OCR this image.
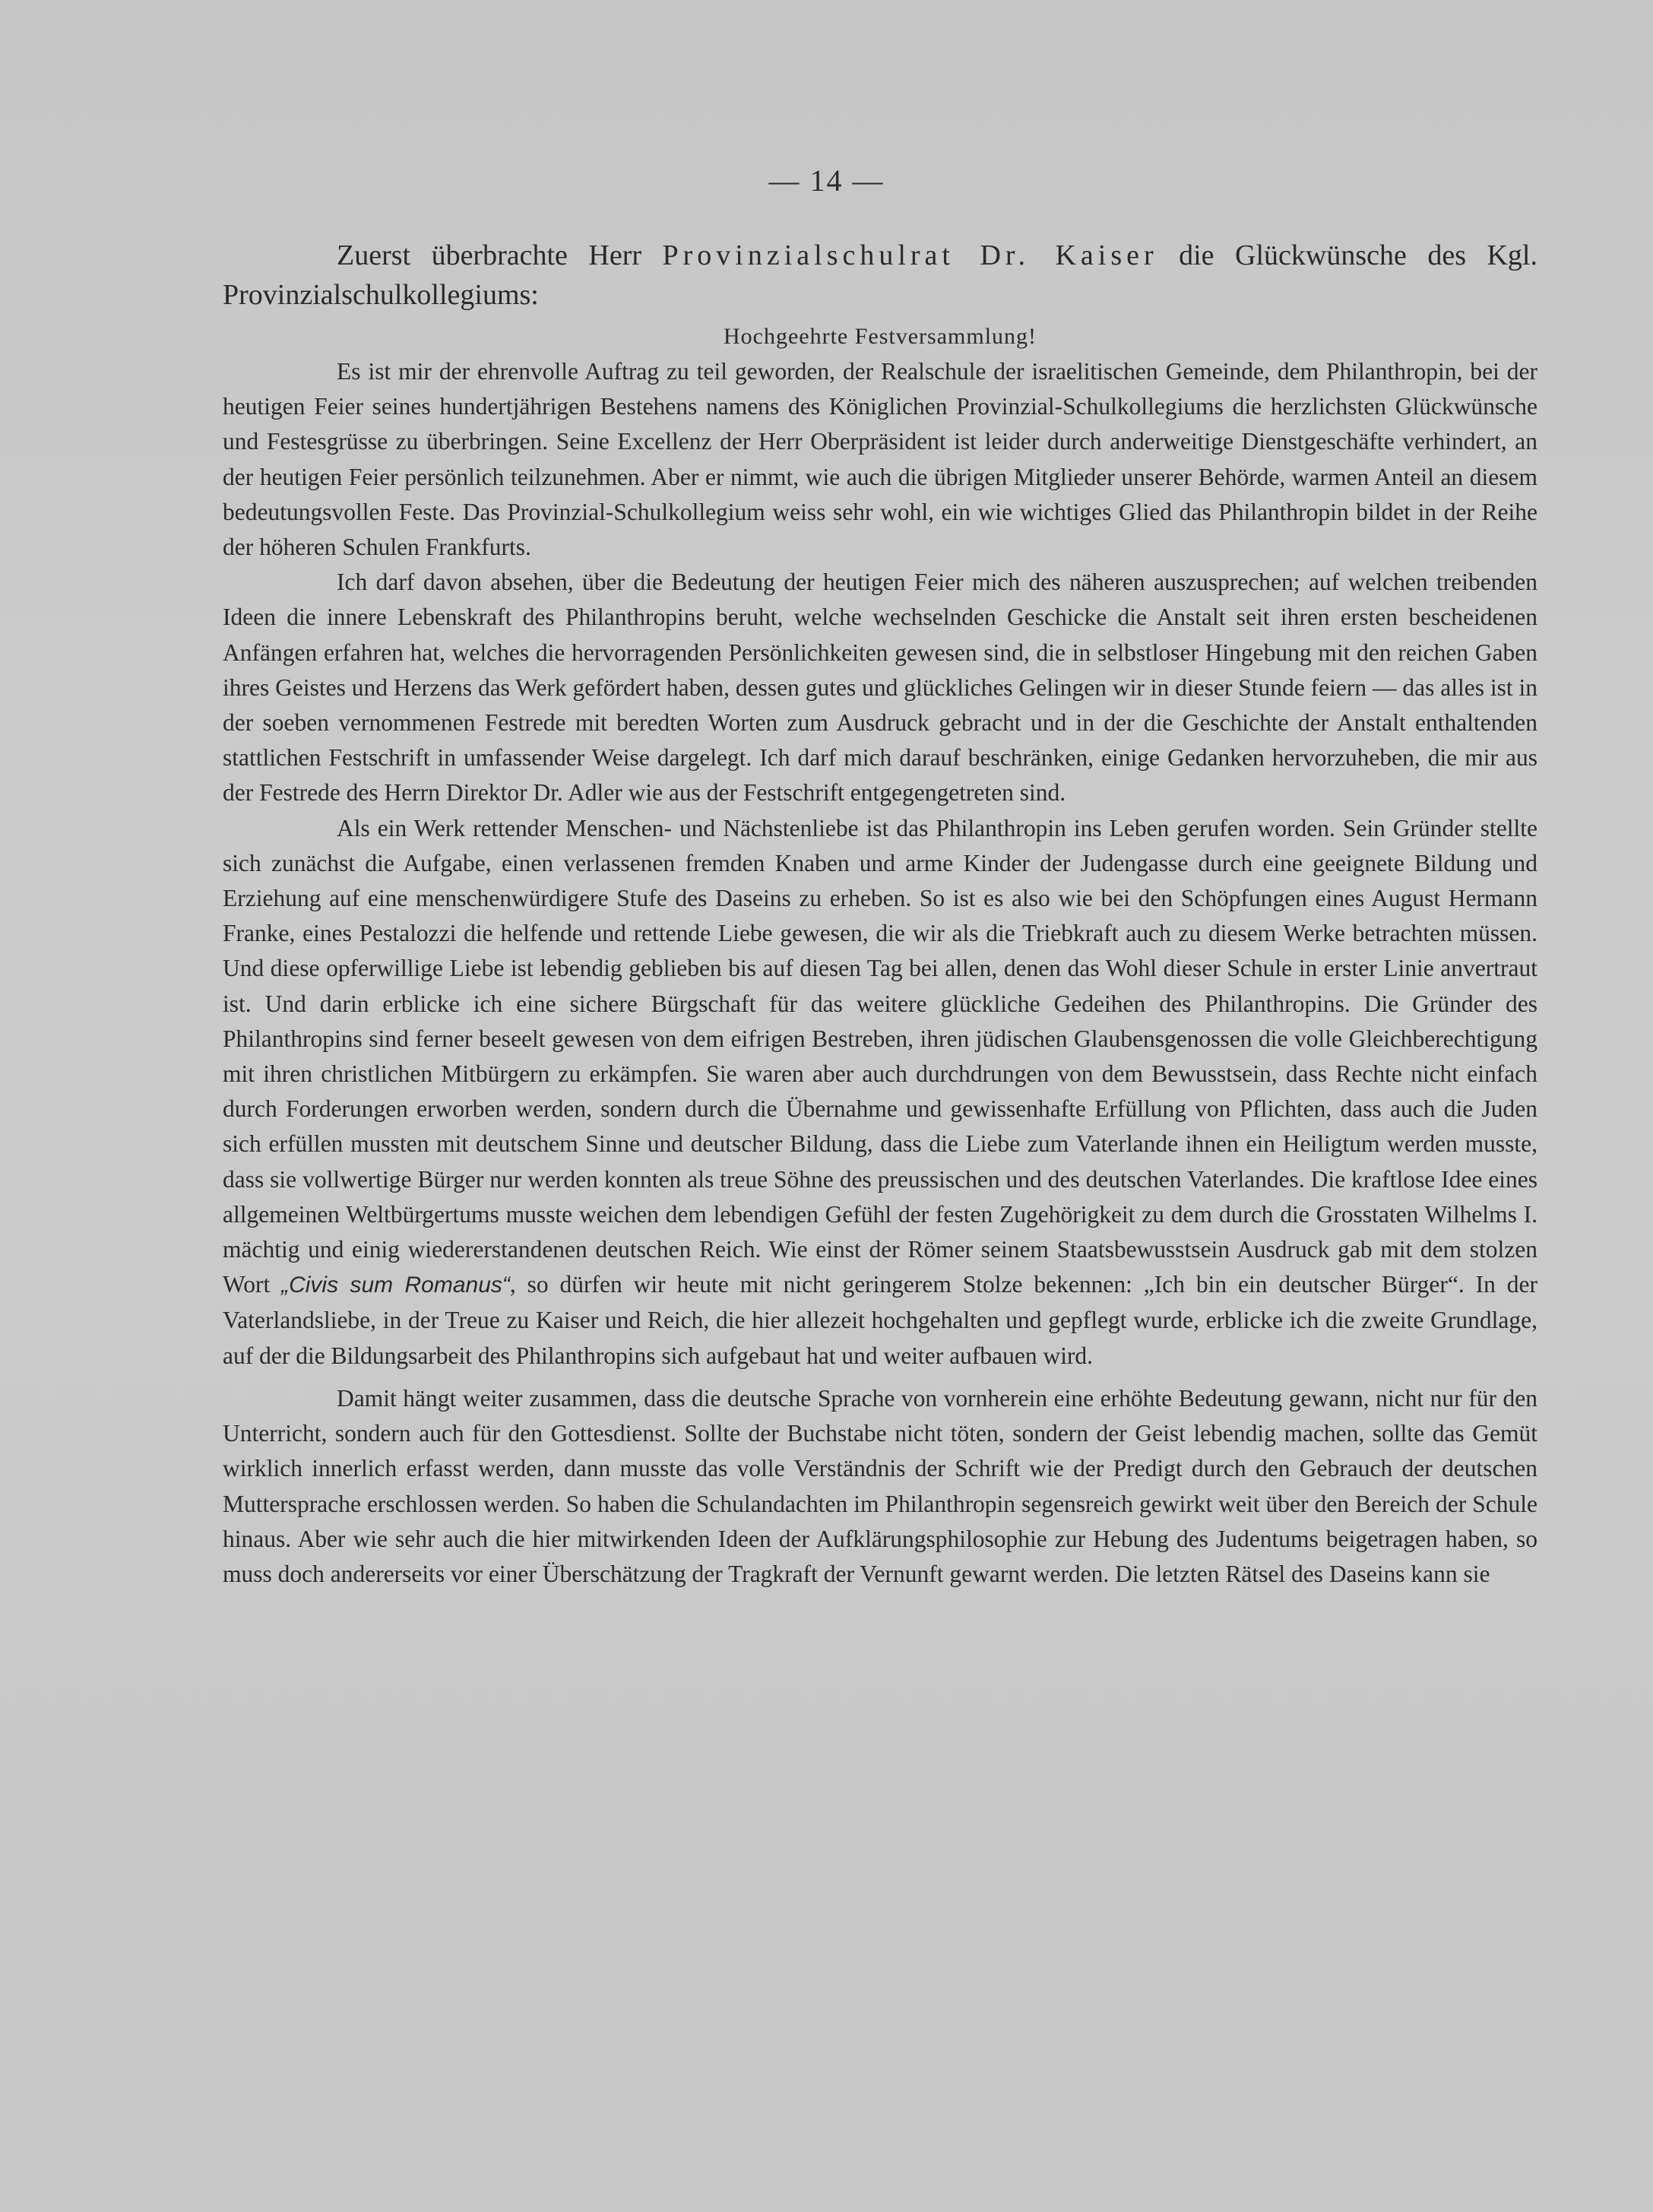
— 14 —

Zuerst überbrachte Herr Provinzialschulrat Dr. Kaiser die Glückwünsche des Kgl. Provinzialschulkollegiums:

Hochgeehrte Festversammlung!

Es ist mir der ehrenvolle Auftrag zu teil geworden, der Realschule der israelitischen Gemeinde, dem Philanthropin, bei der heutigen Feier seines hundertjährigen Bestehens namens des Königlichen Provinzial-Schulkollegiums die herzlichsten Glückwünsche und Festesgrüsse zu überbringen. Seine Excellenz der Herr Oberpräsident ist leider durch anderweitige Dienstgeschäfte verhindert, an der heutigen Feier persönlich teilzunehmen. Aber er nimmt, wie auch die übrigen Mitglieder unserer Behörde, warmen Anteil an diesem bedeutungsvollen Feste. Das Provinzial-Schulkollegium weiss sehr wohl, ein wie wichtiges Glied das Philanthropin bildet in der Reihe der höheren Schulen Frankfurts.

Ich darf davon absehen, über die Bedeutung der heutigen Feier mich des näheren auszusprechen; auf welchen treibenden Ideen die innere Lebenskraft des Philanthropins beruht, welche wechselnden Geschicke die Anstalt seit ihren ersten bescheidenen Anfängen erfahren hat, welches die hervorragenden Persönlichkeiten gewesen sind, die in selbstloser Hingebung mit den reichen Gaben ihres Geistes und Herzens das Werk gefördert haben, dessen gutes und glückliches Gelingen wir in dieser Stunde feiern — das alles ist in der soeben vernommenen Festrede mit beredten Worten zum Ausdruck gebracht und in der die Geschichte der Anstalt enthaltenden stattlichen Festschrift in umfassender Weise dargelegt. Ich darf mich darauf beschränken, einige Gedanken hervorzuheben, die mir aus der Festrede des Herrn Direktor Dr. Adler wie aus der Festschrift entgegengetreten sind.

Als ein Werk rettender Menschen- und Nächstenliebe ist das Philanthropin ins Leben gerufen worden. Sein Gründer stellte sich zunächst die Aufgabe, einen verlassenen fremden Knaben und arme Kinder der Judengasse durch eine geeignete Bildung und Erziehung auf eine menschenwürdigere Stufe des Daseins zu erheben. So ist es also wie bei den Schöpfungen eines August Hermann Franke, eines Pestalozzi die helfende und rettende Liebe gewesen, die wir als die Triebkraft auch zu diesem Werke betrachten müssen. Und diese opferwillige Liebe ist lebendig geblieben bis auf diesen Tag bei allen, denen das Wohl dieser Schule in erster Linie anvertraut ist. Und darin erblicke ich eine sichere Bürgschaft für das weitere glückliche Gedeihen des Philanthropins. Die Gründer des Philanthropins sind ferner beseelt gewesen von dem eifrigen Bestreben, ihren jüdischen Glaubensgenossen die volle Gleichberechtigung mit ihren christlichen Mitbürgern zu erkämpfen. Sie waren aber auch durchdrungen von dem Bewusstsein, dass Rechte nicht einfach durch Forderungen erworben werden, sondern durch die Übernahme und gewissenhafte Erfüllung von Pflichten, dass auch die Juden sich erfüllen mussten mit deutschem Sinne und deutscher Bildung, dass die Liebe zum Vaterlande ihnen ein Heiligtum werden musste, dass sie vollwertige Bürger nur werden konnten als treue Söhne des preussischen und des deutschen Vaterlandes. Die kraftlose Idee eines allgemeinen Weltbürgertums musste weichen dem lebendigen Gefühl der festen Zugehörigkeit zu dem durch die Grosstaten Wilhelms I. mächtig und einig wiedererstandenen deutschen Reich. Wie einst der Römer seinem Staatsbewusstsein Ausdruck gab mit dem stolzen Wort „Civis sum Romanus“, so dürfen wir heute mit nicht geringerem Stolze bekennen: „Ich bin ein deutscher Bürger“. In der Vaterlandsliebe, in der Treue zu Kaiser und Reich, die hier allezeit hochgehalten und gepflegt wurde, erblicke ich die zweite Grundlage, auf der die Bildungsarbeit des Philanthropins sich aufgebaut hat und weiter aufbauen wird.

Damit hängt weiter zusammen, dass die deutsche Sprache von vornherein eine erhöhte Bedeutung gewann, nicht nur für den Unterricht, sondern auch für den Gottesdienst. Sollte der Buchstabe nicht töten, sondern der Geist lebendig machen, sollte das Gemüt wirklich innerlich erfasst werden, dann musste das volle Verständnis der Schrift wie der Predigt durch den Gebrauch der deutschen Muttersprache erschlossen werden. So haben die Schulandachten im Philanthropin segensreich gewirkt weit über den Bereich der Schule hinaus. Aber wie sehr auch die hier mitwirkenden Ideen der Aufklärungsphilosophie zur Hebung des Judentums beigetragen haben, so muss doch andererseits vor einer Überschätzung der Tragkraft der Vernunft gewarnt werden. Die letzten Rätsel des Daseins kann sie
